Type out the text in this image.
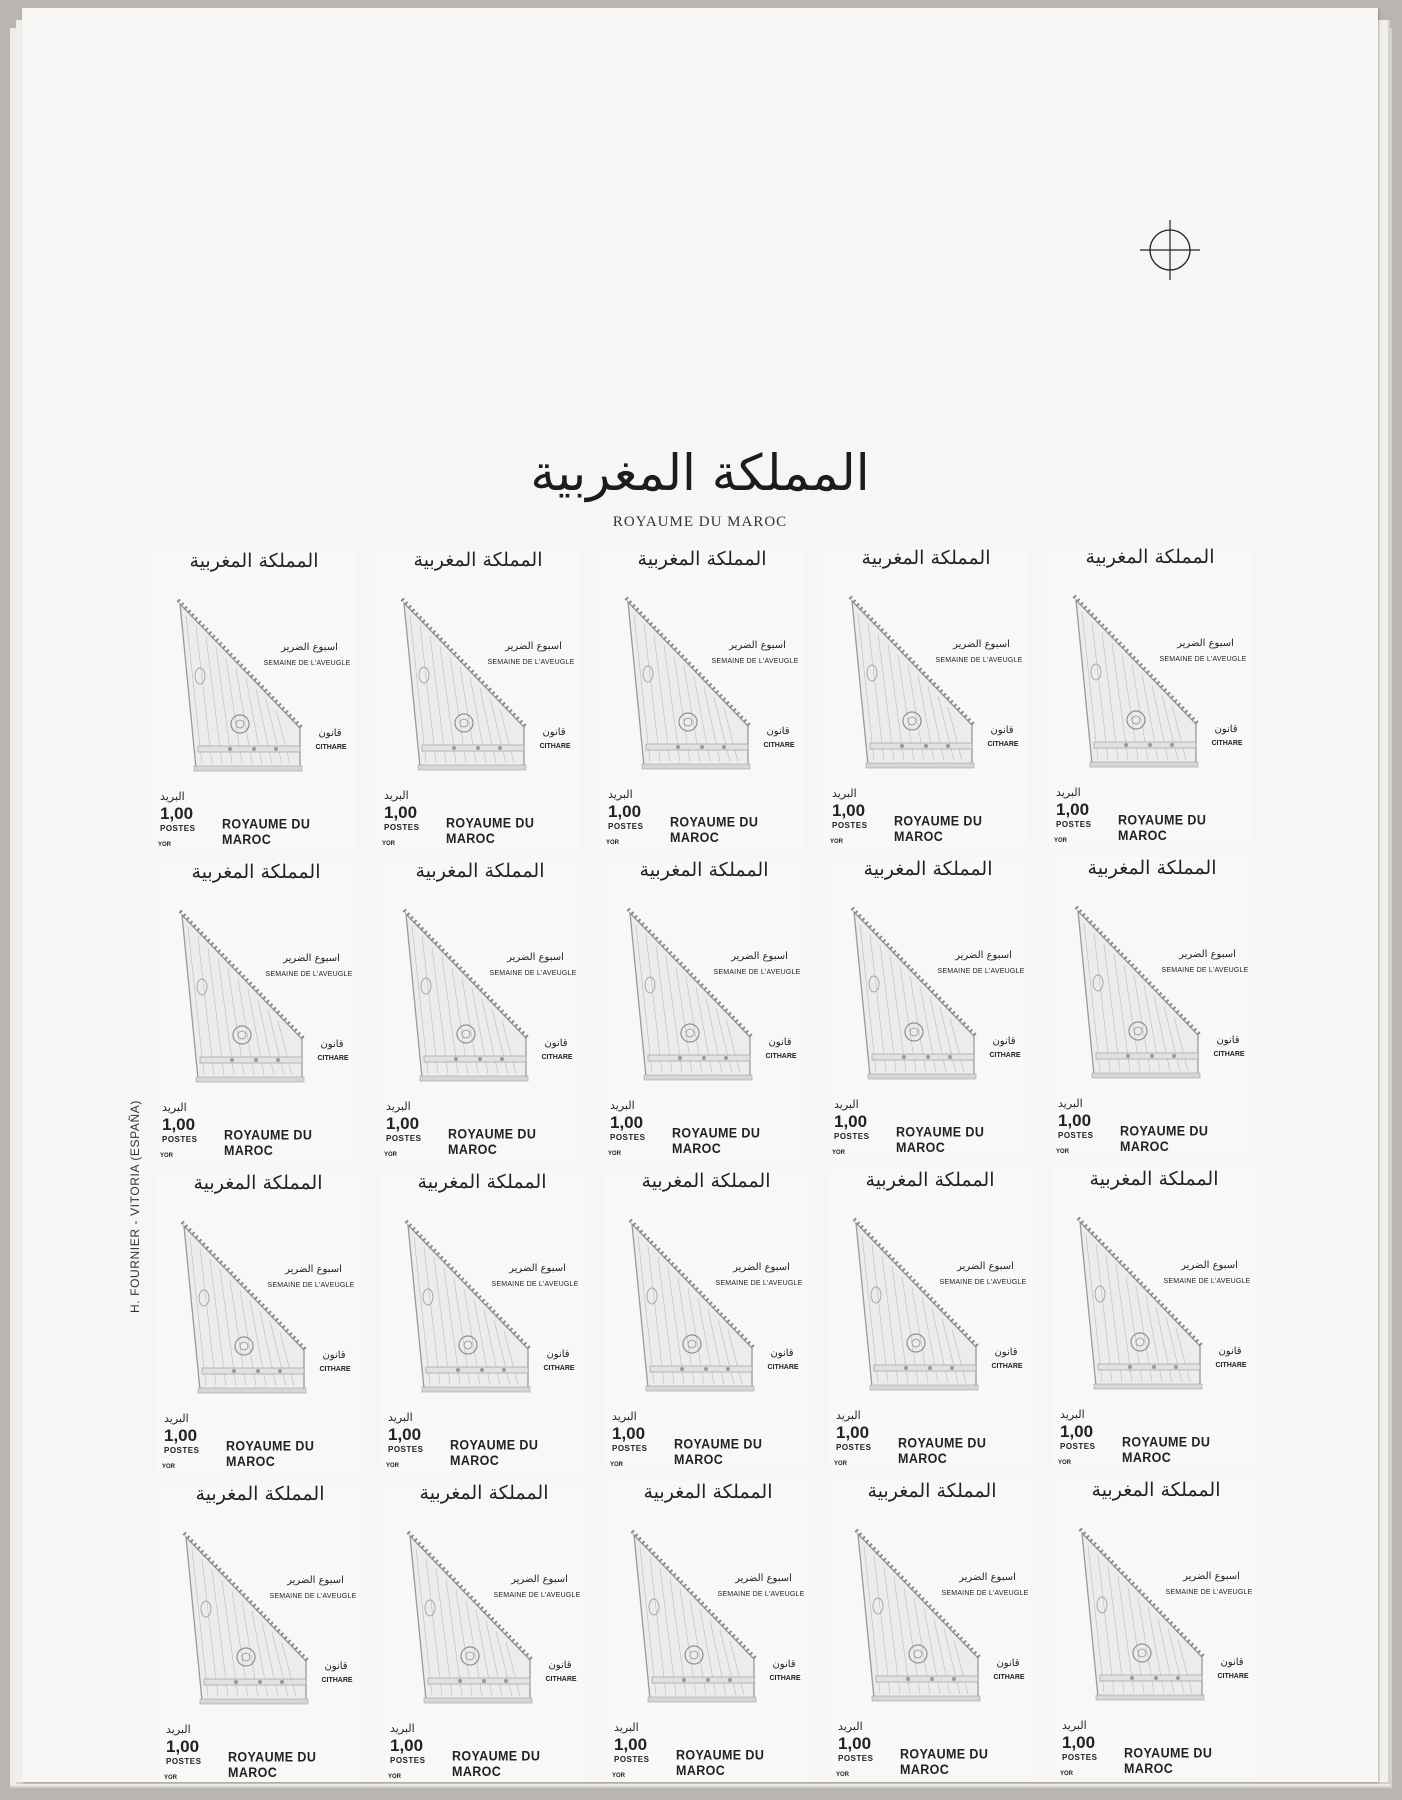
المملكة المغربية
ROYAUME DU MAROC
H. FOURNIER - VITORIA (ESPAÑA)
المملكة المغربية
اسبوع الضرير
SEMAINE DE L'AVEUGLE
قانون
CITHARE
البريد
1,00
POSTES ROYAUME DU MAROC
YOR
المملكة المغربية
اسبوع الضرير
SEMAINE DE L'AVEUGLE
قانون
CITHARE
البريد
1,00
POSTES ROYAUME DU MAROC
YOR
المملكة المغربية
اسبوع الضرير
SEMAINE DE L'AVEUGLE
قانون
CITHARE
البريد
1,00
POSTES ROYAUME DU MAROC
YOR
المملكة المغربية
اسبوع الضرير
SEMAINE DE L'AVEUGLE
قانون
CITHARE
البريد
1,00
POSTES ROYAUME DU MAROC
YOR
المملكة المغربية
اسبوع الضرير
SEMAINE DE L'AVEUGLE
قانون
CITHARE
البريد
1,00
POSTES ROYAUME DU MAROC
YOR
المملكة المغربية
اسبوع الضرير
SEMAINE DE L'AVEUGLE
قانون
CITHARE
البريد
1,00
POSTES ROYAUME DU MAROC
YOR
المملكة المغربية
اسبوع الضرير
SEMAINE DE L'AVEUGLE
قانون
CITHARE
البريد
1,00
POSTES ROYAUME DU MAROC
YOR
المملكة المغربية
اسبوع الضرير
SEMAINE DE L'AVEUGLE
قانون
CITHARE
البريد
1,00
POSTES ROYAUME DU MAROC
YOR
المملكة المغربية
اسبوع الضرير
SEMAINE DE L'AVEUGLE
قانون
CITHARE
البريد
1,00
POSTES ROYAUME DU MAROC
YOR
المملكة المغربية
اسبوع الضرير
SEMAINE DE L'AVEUGLE
قانون
CITHARE
البريد
1,00
POSTES ROYAUME DU MAROC
YOR
المملكة المغربية
اسبوع الضرير
SEMAINE DE L'AVEUGLE
قانون
CITHARE
البريد
1,00
POSTES ROYAUME DU MAROC
YOR
المملكة المغربية
اسبوع الضرير
SEMAINE DE L'AVEUGLE
قانون
CITHARE
البريد
1,00
POSTES ROYAUME DU MAROC
YOR
المملكة المغربية
اسبوع الضرير
SEMAINE DE L'AVEUGLE
قانون
CITHARE
البريد
1,00
POSTES ROYAUME DU MAROC
YOR
المملكة المغربية
اسبوع الضرير
SEMAINE DE L'AVEUGLE
قانون
CITHARE
البريد
1,00
POSTES ROYAUME DU MAROC
YOR
المملكة المغربية
اسبوع الضرير
SEMAINE DE L'AVEUGLE
قانون
CITHARE
البريد
1,00
POSTES ROYAUME DU MAROC
YOR
المملكة المغربية
اسبوع الضرير
SEMAINE DE L'AVEUGLE
قانون
CITHARE
البريد
1,00
POSTES ROYAUME DU MAROC
YOR
المملكة المغربية
اسبوع الضرير
SEMAINE DE L'AVEUGLE
قانون
CITHARE
البريد
1,00
POSTES ROYAUME DU MAROC
YOR
المملكة المغربية
اسبوع الضرير
SEMAINE DE L'AVEUGLE
قانون
CITHARE
البريد
1,00
POSTES ROYAUME DU MAROC
YOR
المملكة المغربية
اسبوع الضرير
SEMAINE DE L'AVEUGLE
قانون
CITHARE
البريد
1,00
POSTES ROYAUME DU MAROC
YOR
المملكة المغربية
اسبوع الضرير
SEMAINE DE L'AVEUGLE
قانون
CITHARE
البريد
1,00
POSTES ROYAUME DU MAROC
YOR
